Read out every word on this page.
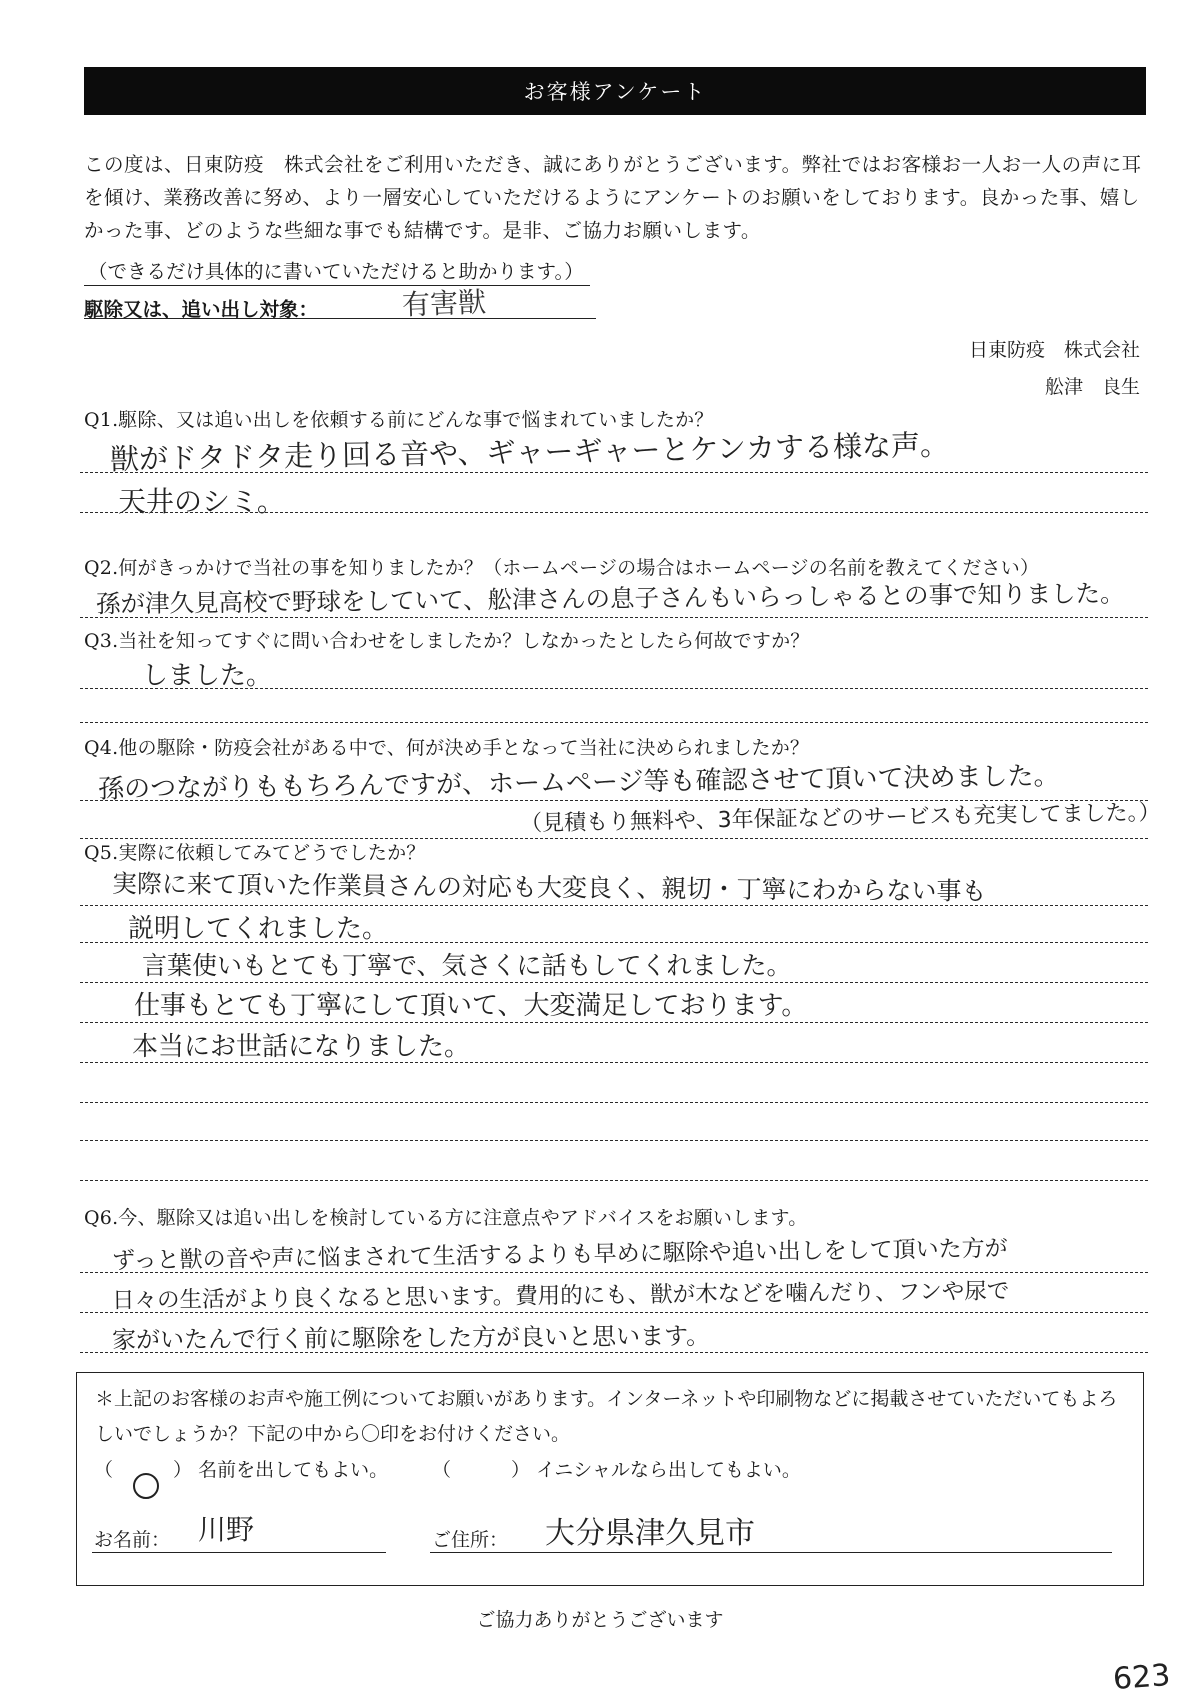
お客様アンケート
この度は、日東防疫　株式会社をご利用いただき、誠にありがとうございます。弊社ではお客様お一人お一人の声に耳を傾け、業務改善に努め、より一層安心していただけるようにアンケートのお願いをしております。良かった事、嬉しかった事、どのような些細な事でも結構です。是非、ご協力お願いします。
（できるだけ具体的に書いていただけると助かります。）
駆除又は、追い出し対象：	有害獣
日東防疫　株式会社
舩津　良生
Q1.駆除、又は追い出しを依頼する前にどんな事で悩まれていましたか？
獣がドタドタ走り回る音や、ギャーギャーとケンカする様な声。
天井のシミ。
Q2.何がきっかけで当社の事を知りましたか？（ホームページの場合はホームページの名前を教えてください）
孫が津久見高校で野球をしていて、舩津さんの息子さんもいらっしゃるとの事で知りました。
Q3.当社を知ってすぐに問い合わせをしましたか？しなかったとしたら何故ですか？
しました。
Q4.他の駆除・防疫会社がある中で、何が決め手となって当社に決められましたか？
孫のつながりももちろんですが、ホームページ等も確認させて頂いて決めました。
（見積もり無料や、3年保証などのサービスも充実してました。）
Q5.実際に依頼してみてどうでしたか？
実際に来て頂いた作業員さんの対応も大変良く、親切・丁寧にわからない事も
説明してくれました。
言葉使いもとても丁寧で、気さくに話もしてくれました。
仕事もとても丁寧にして頂いて、大変満足しております。
本当にお世話になりました。
Q6.今、駆除又は追い出しを検討している方に注意点やアドバイスをお願いします。
ずっと獣の音や声に悩まされて生活するよりも早めに駆除や追い出しをして頂いた方が
日々の生活がより良くなると思います。費用的にも、獣が木などを噛んだり、フンや尿で
家がいたんで行く前に駆除をした方が良いと思います。
＊上記のお客様のお声や施工例についてお願いがあります。インターネットや印刷物などに掲載させていただいてもよろしいでしょうか？下記の中から〇印をお付けください。
（	） 名前を出してもよい。 （	） イニシャルなら出してもよい。
お名前： 川野	ご住所： 大分県津久見市
ご協力ありがとうございます
623
